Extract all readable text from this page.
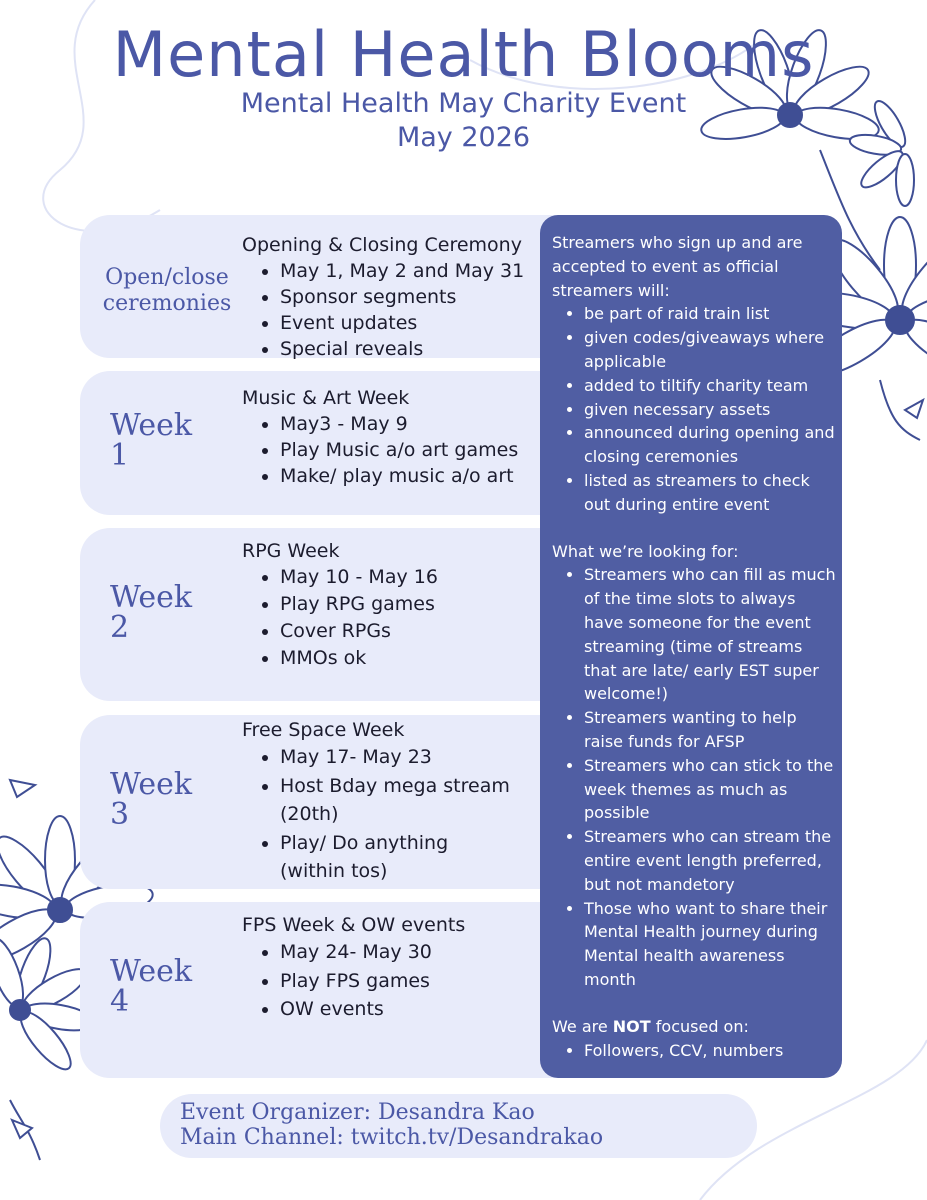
Mental Health Blooms

Mental Health May Charity Event

May 2026

Open/close
ceremonies

Opening & Closing Ceremony

• May 1, May 2 and May 31
• Sponsor segments
• Event updates
• Special reveals
Week
1

Music & Art Week

• May3 - May 9
• Play Music a/o art games
• Make/ play music a/o art
Week
2

RPG Week

• May 10 - May 16
• Play RPG games
• Cover RPGs
• MMOs ok
Week
3

Free Space Week

• May 17- May 23
• Host Bday mega stream (20th)
• Play/ Do anything (within tos)
Week
4

FPS Week & OW events

• May 24- May 30
• Play FPS games
• OW events

Streamers who sign up and are accepted to event as official streamers will:

• be part of raid train list
• given codes/giveaways where applicable
• added to tiltify charity team
• given necessary assets
• announced during opening and closing ceremonies
• listed as streamers to check out during entire event

What we’re looking for:

• Streamers who can fill as much of the time slots to always have someone for the event streaming (time of streams that are late/ early EST super welcome!)
• Streamers wanting to help raise funds for AFSP
• Streamers who can stick to the week themes as much as possible
• Streamers who can stream the entire event length preferred, but not mandetory
• Those who want to share their Mental Health journey during Mental health awareness month

We are NOT focused on:

• Followers, CCV, numbers
Event Organizer: Desandra Kao
Main Channel: twitch.tv/Desandrakao
